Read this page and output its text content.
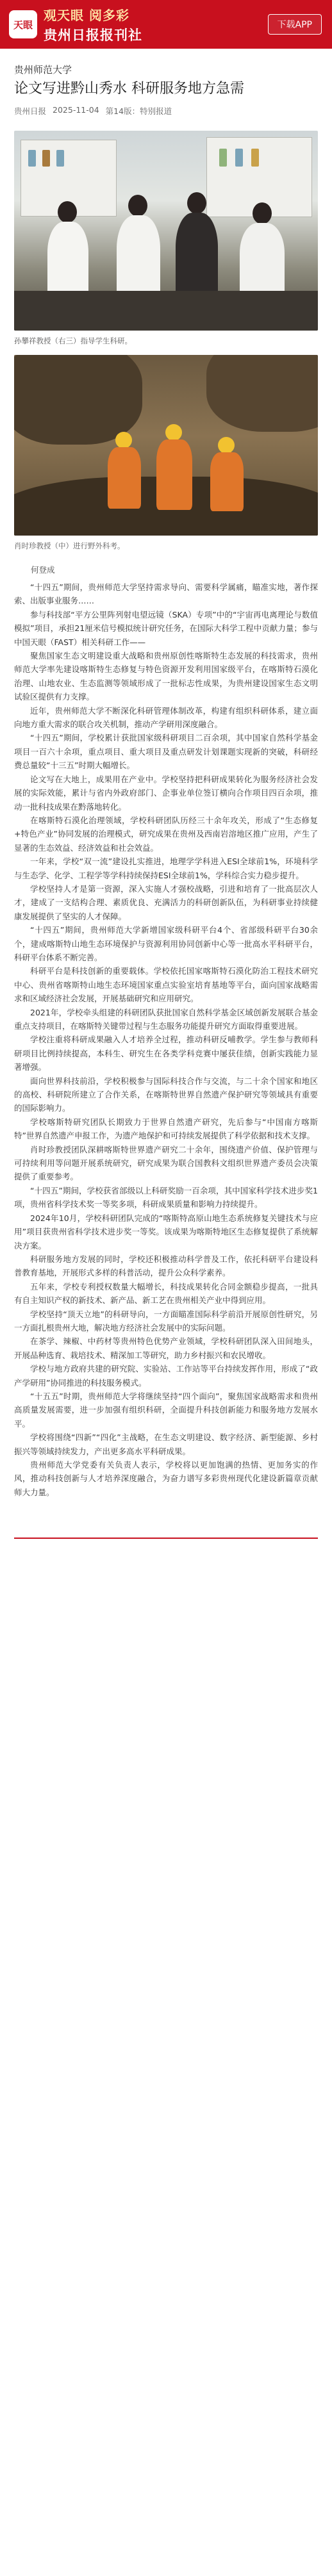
天眼
观天眼 阅多彩
贵州日报报刊社
下载APP
贵州师范大学
论文写进黔山秀水 科研服务地方急需
贵州日报 2025-11-04 第14版：特别报道
孙攀祥教授（右三）指导学生科研。
肖时珍教授（中）进行野外科考。
何登成

“十四五”期间，贵州师范大学坚持需求导向、需要科学属痛，瞄准实地，著作探索、出版事业服务……

参与科技部“平方公里阵列射电望远镜（SKA）专项”中的“宇宙再电离理论与数值模拟”项目，承担21厘米信号模拟统计研究任务，在国际大科学工程中贡献力量；参与中国天眼（FAST）相关科研工作——

聚焦国家生态文明建设重大战略和贵州原创性喀斯特生态发展的科技需求，贵州师范大学率先建设喀斯特生态修复与特色资源开发利用国家级平台，在喀斯特石漠化治理、山地农业、生态监测等领域形成了一批标志性成果，为贵州建设国家生态文明试验区提供有力支撑。

近年，贵州师范大学不断深化科研管理体制改革，构建有组织科研体系，建立面向地方重大需求的联合攻关机制，推动产学研用深度融合。

“十四五”期间，学校累计获批国家级科研项目二百余项，其中国家自然科学基金项目一百六十余项，重点项目、重大项目及重点研发计划课题实现新的突破，科研经费总量较“十三五”时期大幅增长。

论文写在大地上，成果用在产业中。学校坚持把科研成果转化为服务经济社会发展的实际效能，累计与省内外政府部门、企事业单位签订横向合作项目四百余项，推动一批科技成果在黔落地转化。

在喀斯特石漠化治理领域，学校科研团队历经三十余年攻关，形成了“生态修复+特色产业”协同发展的治理模式，研究成果在贵州及西南岩溶地区推广应用，产生了显著的生态效益、经济效益和社会效益。

一年来，学校“双一流”建设扎实推进，地理学学科进入ESI全球前1%，环境科学与生态学、化学、工程学等学科持续保持ESI全球前1%，学科综合实力稳步提升。

学校坚持人才是第一资源，深入实施人才强校战略，引进和培育了一批高层次人才，建成了一支结构合理、素质优良、充满活力的科研创新队伍，为科研事业持续健康发展提供了坚实的人才保障。

“十四五”期间，贵州师范大学新增国家级科研平台4个、省部级科研平台30余个，建成喀斯特山地生态环境保护与资源利用协同创新中心等一批高水平科研平台，科研平台体系不断完善。

科研平台是科技创新的重要载体。学校依托国家喀斯特石漠化防治工程技术研究中心、贵州省喀斯特山地生态环境国家重点实验室培育基地等平台，面向国家战略需求和区域经济社会发展，开展基础研究和应用研究。

2021年，学校牵头组建的科研团队获批国家自然科学基金区域创新发展联合基金重点支持项目，在喀斯特关键带过程与生态服务功能提升研究方面取得重要进展。

学校注重将科研成果融入人才培养全过程，推动科研反哺教学。学生参与教师科研项目比例持续提高，本科生、研究生在各类学科竞赛中屡获佳绩，创新实践能力显著增强。

面向世界科技前沿，学校积极参与国际科技合作与交流，与二十余个国家和地区的高校、科研院所建立了合作关系，在喀斯特世界自然遗产保护研究等领域具有重要的国际影响力。

学校喀斯特研究团队长期致力于世界自然遗产研究，先后参与“中国南方喀斯特”世界自然遗产申报工作，为遗产地保护和可持续发展提供了科学依据和技术支撑。

肖时珍教授团队深耕喀斯特世界遗产研究二十余年，围绕遗产价值、保护管理与可持续利用等问题开展系统研究，研究成果为联合国教科文组织世界遗产委员会决策提供了重要参考。

“十四五”期间，学校获省部级以上科研奖励一百余项，其中国家科学技术进步奖1项，贵州省科学技术奖一等奖多项，科研成果质量和影响力持续提升。

2024年10月，学校科研团队完成的“喀斯特高原山地生态系统修复关键技术与应用”项目获贵州省科学技术进步奖一等奖。该成果为喀斯特地区生态修复提供了系统解决方案。

科研服务地方发展的同时，学校还积极推动科学普及工作，依托科研平台建设科普教育基地，开展形式多样的科普活动，提升公众科学素养。

五年来，学校专利授权数量大幅增长，科技成果转化合同金额稳步提高，一批具有自主知识产权的新技术、新产品、新工艺在贵州相关产业中得到应用。

学校坚持“顶天立地”的科研导向，一方面瞄准国际科学前沿开展原创性研究，另一方面扎根贵州大地，解决地方经济社会发展中的实际问题。

在茶学、辣椒、中药材等贵州特色优势产业领域，学校科研团队深入田间地头，开展品种选育、栽培技术、精深加工等研究，助力乡村振兴和农民增收。

学校与地方政府共建的研究院、实验站、工作站等平台持续发挥作用，形成了“政产学研用”协同推进的科技服务模式。

“十五五”时期，贵州师范大学将继续坚持“四个面向”，聚焦国家战略需求和贵州高质量发展需要，进一步加强有组织科研，全面提升科技创新能力和服务地方发展水平。

学校将围绕“四新”“四化”主战略，在生态文明建设、数字经济、新型能源、乡村振兴等领域持续发力，产出更多高水平科研成果。

贵州师范大学党委有关负责人表示，学校将以更加饱满的热情、更加务实的作风，推动科技创新与人才培养深度融合，为奋力谱写多彩贵州现代化建设新篇章贡献师大力量。
